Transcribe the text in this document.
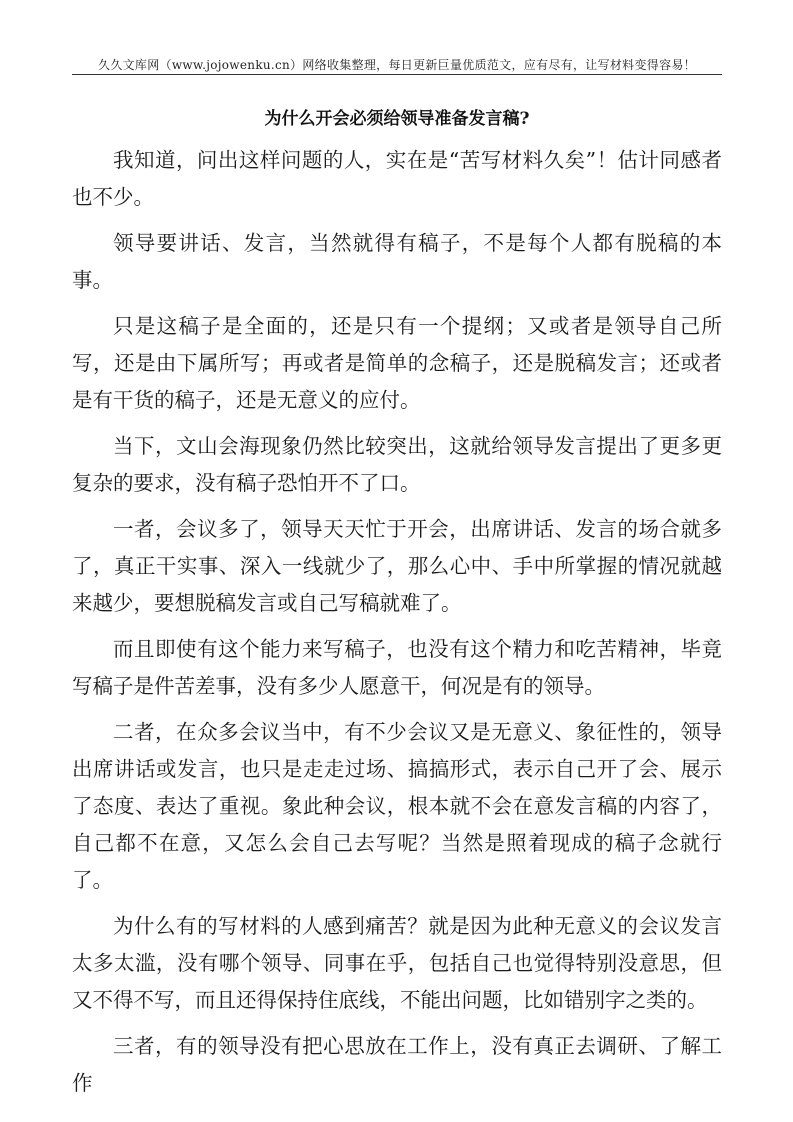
久久文库网（www.jojowenku.cn）网络收集整理，每日更新巨量优质范文，应有尽有，让写材料变得容易！
为什么开会必须给领导准备发言稿?

我知道，问出这样问题的人，实在是“苦写材料久矣”！估计同感者也不少。

领导要讲话、发言，当然就得有稿子，不是每个人都有脱稿的本事。

只是这稿子是全面的，还是只有一个提纲；又或者是领导自己所写，还是由下属所写；再或者是简单的念稿子，还是脱稿发言；还或者是有干货的稿子，还是无意义的应付。

当下，文山会海现象仍然比较突出，这就给领导发言提出了更多更复杂的要求，没有稿子恐怕开不了口。

一者，会议多了，领导天天忙于开会，出席讲话、发言的场合就多了，真正干实事、深入一线就少了，那么心中、手中所掌握的情况就越来越少，要想脱稿发言或自己写稿就难了。

而且即使有这个能力来写稿子，也没有这个精力和吃苦精神，毕竟写稿子是件苦差事，没有多少人愿意干，何况是有的领导。

二者，在众多会议当中，有不少会议又是无意义、象征性的，领导出席讲话或发言，也只是走走过场、搞搞形式，表示自己开了会、展示了态度、表达了重视。象此种会议，根本就不会在意发言稿的内容了，自己都不在意，又怎么会自己去写呢？当然是照着现成的稿子念就行了。

为什么有的写材料的人感到痛苦？就是因为此种无意义的会议发言太多太滥，没有哪个领导、同事在乎，包括自己也觉得特别没意思，但又不得不写，而且还得保持住底线，不能出问题，比如错别字之类的。

三者，有的领导没有把心思放在工作上，没有真正去调研、了解工作
